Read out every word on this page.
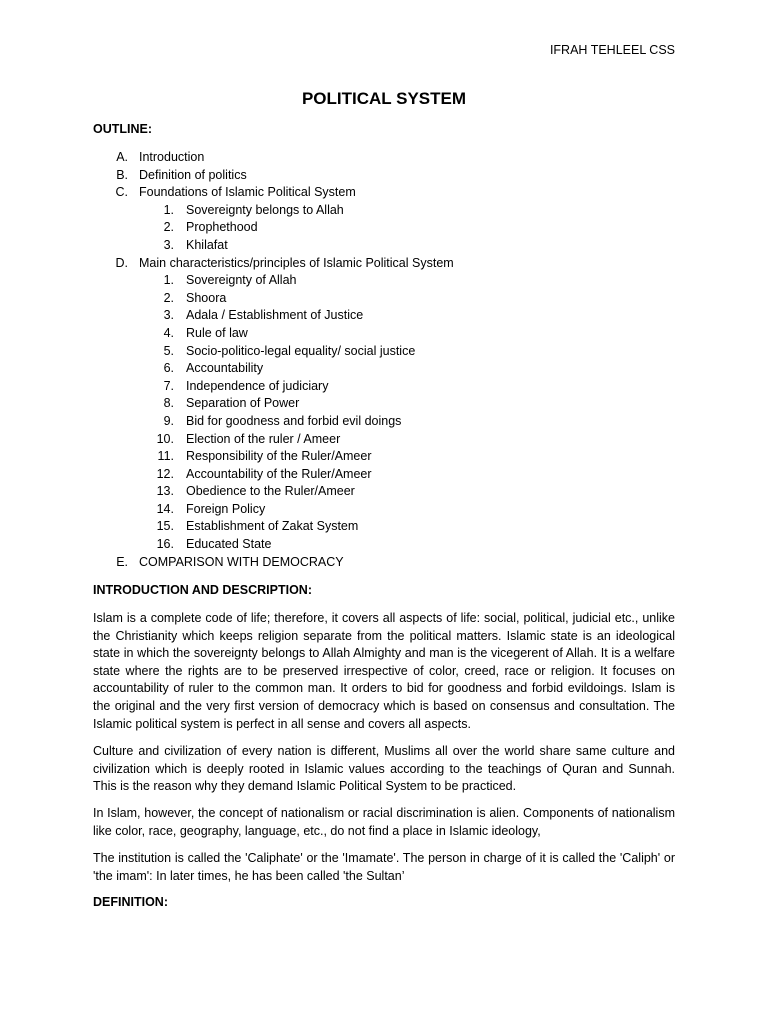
IFRAH TEHLEEL CSS
POLITICAL SYSTEM
OUTLINE:
A. Introduction
B. Definition of politics
C. Foundations of Islamic Political System
1. Sovereignty belongs to Allah
2. Prophethood
3. Khilafat
D. Main characteristics/principles of Islamic Political System
1. Sovereignty of Allah
2. Shoora
3. Adala / Establishment of Justice
4. Rule of law
5. Socio-politico-legal equality/ social justice
6. Accountability
7. Independence of judiciary
8. Separation of Power
9. Bid for goodness and forbid evil doings
10. Election of the ruler / Ameer
11. Responsibility of the Ruler/Ameer
12. Accountability of the Ruler/Ameer
13. Obedience to the Ruler/Ameer
14. Foreign Policy
15. Establishment of Zakat System
16. Educated State
E. COMPARISON WITH DEMOCRACY
INTRODUCTION AND DESCRIPTION:

Islam is a complete code of life; therefore, it covers all aspects of life: social, political, judicial etc., unlike the Christianity which keeps religion separate from the political matters. Islamic state is an ideological state in which the sovereignty belongs to Allah Almighty and man is the vicegerent of Allah. It is a welfare state where the rights are to be preserved irrespective of color, creed, race or religion. It focuses on accountability of ruler to the common man. It orders to bid for goodness and forbid evildoings. Islam is the original and the very first version of democracy which is based on consensus and consultation. The Islamic political system is perfect in all sense and covers all aspects.

Culture and civilization of every nation is different, Muslims all over the world share same culture and civilization which is deeply rooted in Islamic values according to the teachings of Quran and Sunnah. This is the reason why they demand Islamic Political System to be practiced.

In Islam, however, the concept of nationalism or racial discrimination is alien. Components of nationalism like color, race, geography, language, etc., do not find a place in Islamic ideology,

The institution is called the 'Caliphate' or the 'Imamate'. The person in charge of it is called the 'Caliph' or 'the imam': In later times, he has been called 'the Sultan’

DEFINITION:
